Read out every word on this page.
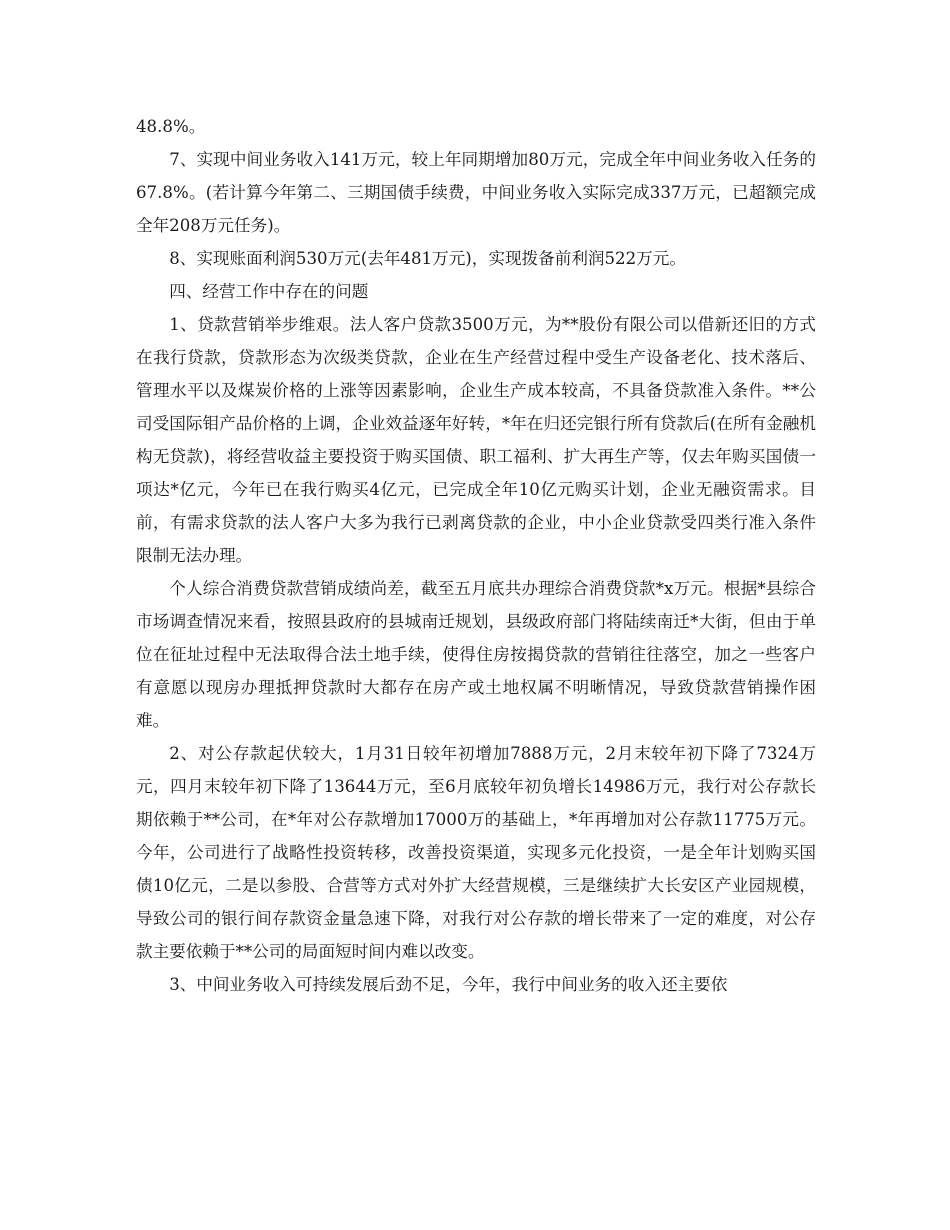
48.8%。

7、实现中间业务收入141万元，较上年同期增加80万元，完成全年中间业务收入任务的67.8%。(若计算今年第二、三期国债手续费，中间业务收入实际完成337万元，已超额完成全年208万元任务)。

8、实现账面利润530万元(去年481万元)，实现拨备前利润522万元。

四、经营工作中存在的问题

1、贷款营销举步维艰。法人客户贷款3500万元，为**股份有限公司以借新还旧的方式在我行贷款，贷款形态为次级类贷款，企业在生产经营过程中受生产设备老化、技术落后、管理水平以及煤炭价格的上涨等因素影响，企业生产成本较高，不具备贷款准入条件。**公司受国际钼产品价格的上调，企业效益逐年好转，*年在归还完银行所有贷款后(在所有金融机构无贷款)，将经营收益主要投资于购买国债、职工福利、扩大再生产等，仅去年购买国债一项达*亿元，今年已在我行购买4亿元，已完成全年10亿元购买计划，企业无融资需求。目前，有需求贷款的法人客户大多为我行已剥离贷款的企业，中小企业贷款受四类行准入条件限制无法办理。

个人综合消费贷款营销成绩尚差，截至五月底共办理综合消费贷款*x万元。根据*县综合市场调查情况来看，按照县政府的县城南迁规划，县级政府部门将陆续南迁*大街，但由于单位在征址过程中无法取得合法土地手续，使得住房按揭贷款的营销往往落空，加之一些客户有意愿以现房办理抵押贷款时大都存在房产或土地权属不明晰情况，导致贷款营销操作困难。

2、对公存款起伏较大，1月31日较年初增加7888万元，2月末较年初下降了7324万元，四月末较年初下降了13644万元，至6月底较年初负增长14986万元，我行对公存款长期依赖于**公司，在*年对公存款增加17000万的基础上，*年再增加对公存款11775万元。今年，公司进行了战略性投资转移，改善投资渠道，实现多元化投资，一是全年计划购买国债10亿元，二是以参股、合营等方式对外扩大经营规模，三是继续扩大长安区产业园规模，导致公司的银行间存款资金量急速下降，对我行对公存款的增长带来了一定的难度，对公存款主要依赖于**公司的局面短时间内难以改变。

3、中间业务收入可持续发展后劲不足，今年，我行中间业务的收入还主要依
